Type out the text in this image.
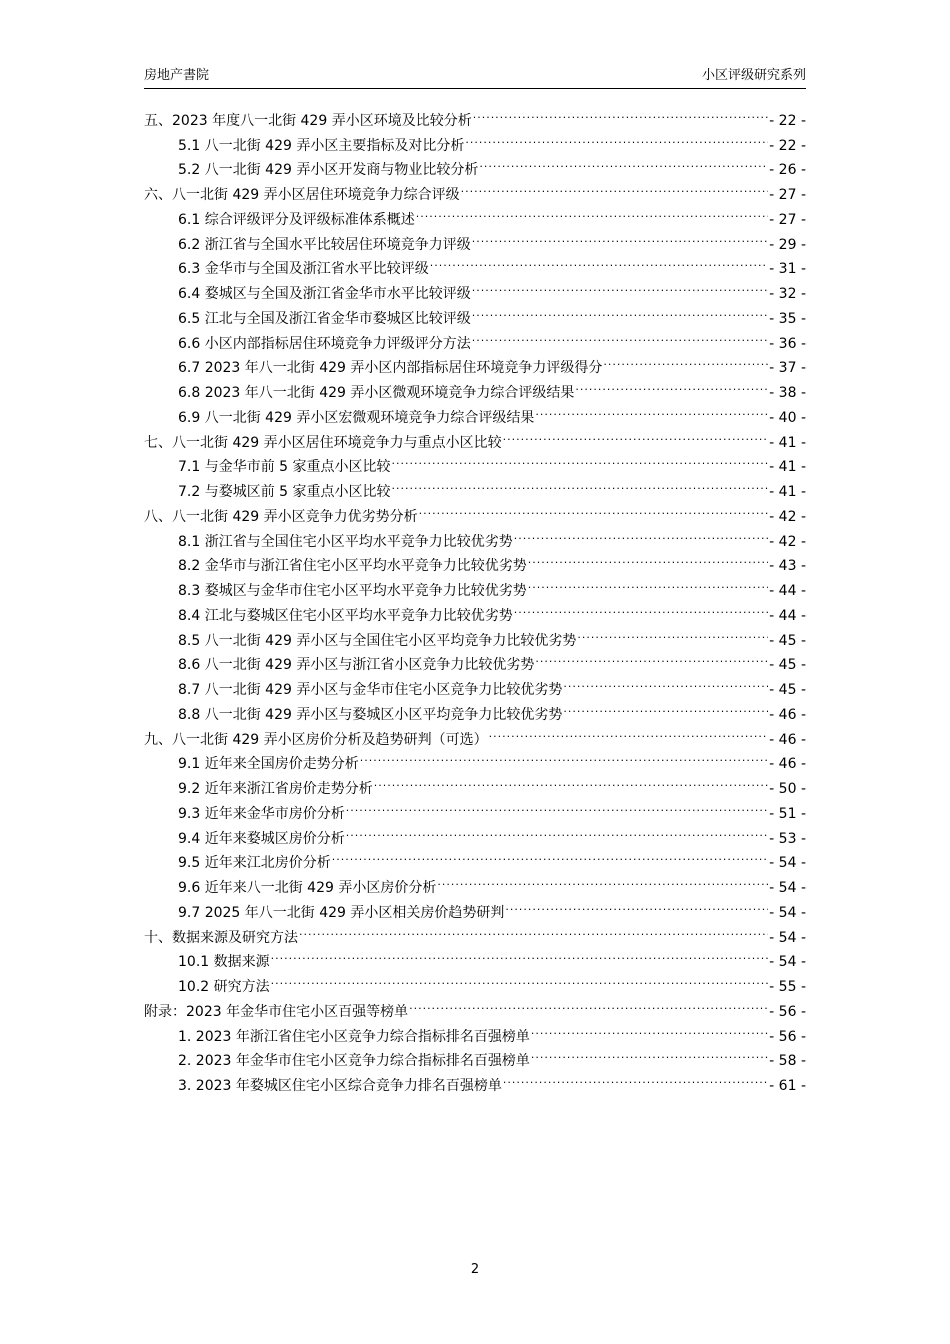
房地产書院	小区评级研究系列
五、2023 年度八一北街 429 弄小区环境及比较分析 .....	- 22 -
5.1 八一北街 429 弄小区主要指标及对比分析 .....	- 22 -
5.2 八一北街 429 弄小区开发商与物业比较分析 .....	- 26 -
六、八一北街 429 弄小区居住环境竞争力综合评级 .....	- 27 -
6.1 综合评级评分及评级标准体系概述 .....	- 27 -
6.2 浙江省与全国水平比较居住环境竞争力评级 .....	- 29 -
6.3 金华市与全国及浙江省水平比较评级 .....	- 31 -
6.4 婺城区与全国及浙江省金华市水平比较评级 .....	- 32 -
6.5 江北与全国及浙江省金华市婺城区比较评级 .....	- 35 -
6.6 小区内部指标居住环境竞争力评级评分方法 .....	- 36 -
6.7 2023 年八一北街 429 弄小区内部指标居住环境竞争力评级得分 .....	- 37 -
6.8 2023 年八一北街 429 弄小区微观环境竞争力综合评级结果 .....	- 38 -
6.9 八一北街 429 弄小区宏微观环境竞争力综合评级结果 .....	- 40 -
七、八一北街 429 弄小区居住环境竞争力与重点小区比较 .....	- 41 -
7.1 与金华市前 5 家重点小区比较 .....	- 41 -
7.2 与婺城区前 5 家重点小区比较 .....	- 41 -
八、八一北街 429 弄小区竞争力优劣势分析 .....	- 42 -
8.1 浙江省与全国住宅小区平均水平竞争力比较优劣势 .....	- 42 -
8.2 金华市与浙江省住宅小区平均水平竞争力比较优劣势 .....	- 43 -
8.3 婺城区与金华市住宅小区平均水平竞争力比较优劣势 .....	- 44 -
8.4 江北与婺城区住宅小区平均水平竞争力比较优劣势 .....	- 44 -
8.5 八一北街 429 弄小区与全国住宅小区平均竞争力比较优劣势 .....	- 45 -
8.6 八一北街 429 弄小区与浙江省小区竞争力比较优劣势 .....	- 45 -
8.7 八一北街 429 弄小区与金华市住宅小区竞争力比较优劣势 .....	- 45 -
8.8 八一北街 429 弄小区与婺城区小区平均竞争力比较优劣势 .....	- 46 -
九、八一北街 429 弄小区房价分析及趋势研判（可选） .....	- 46 -
9.1 近年来全国房价走势分析 .....	- 46 -
9.2 近年来浙江省房价走势分析 .....	- 50 -
9.3 近年来金华市房价分析 .....	- 51 -
9.4 近年来婺城区房价分析 .....	- 53 -
9.5 近年来江北房价分析 .....	- 54 -
9.6 近年来八一北街 429 弄小区房价分析 .....	- 54 -
9.7 2025 年八一北街 429 弄小区相关房价趋势研判 .....	- 54 -
十、数据来源及研究方法 .....	- 54 -
10.1 数据来源 .....	- 54 -
10.2 研究方法 .....	- 55 -
附录：2023 年金华市住宅小区百强等榜单 .....	- 56 -
1. 2023 年浙江省住宅小区竞争力综合指标排名百强榜单 .....	- 56 -
2. 2023 年金华市住宅小区竞争力综合指标排名百强榜单 .....	- 58 -
3. 2023 年婺城区住宅小区综合竞争力排名百强榜单 .....	- 61 -
2
